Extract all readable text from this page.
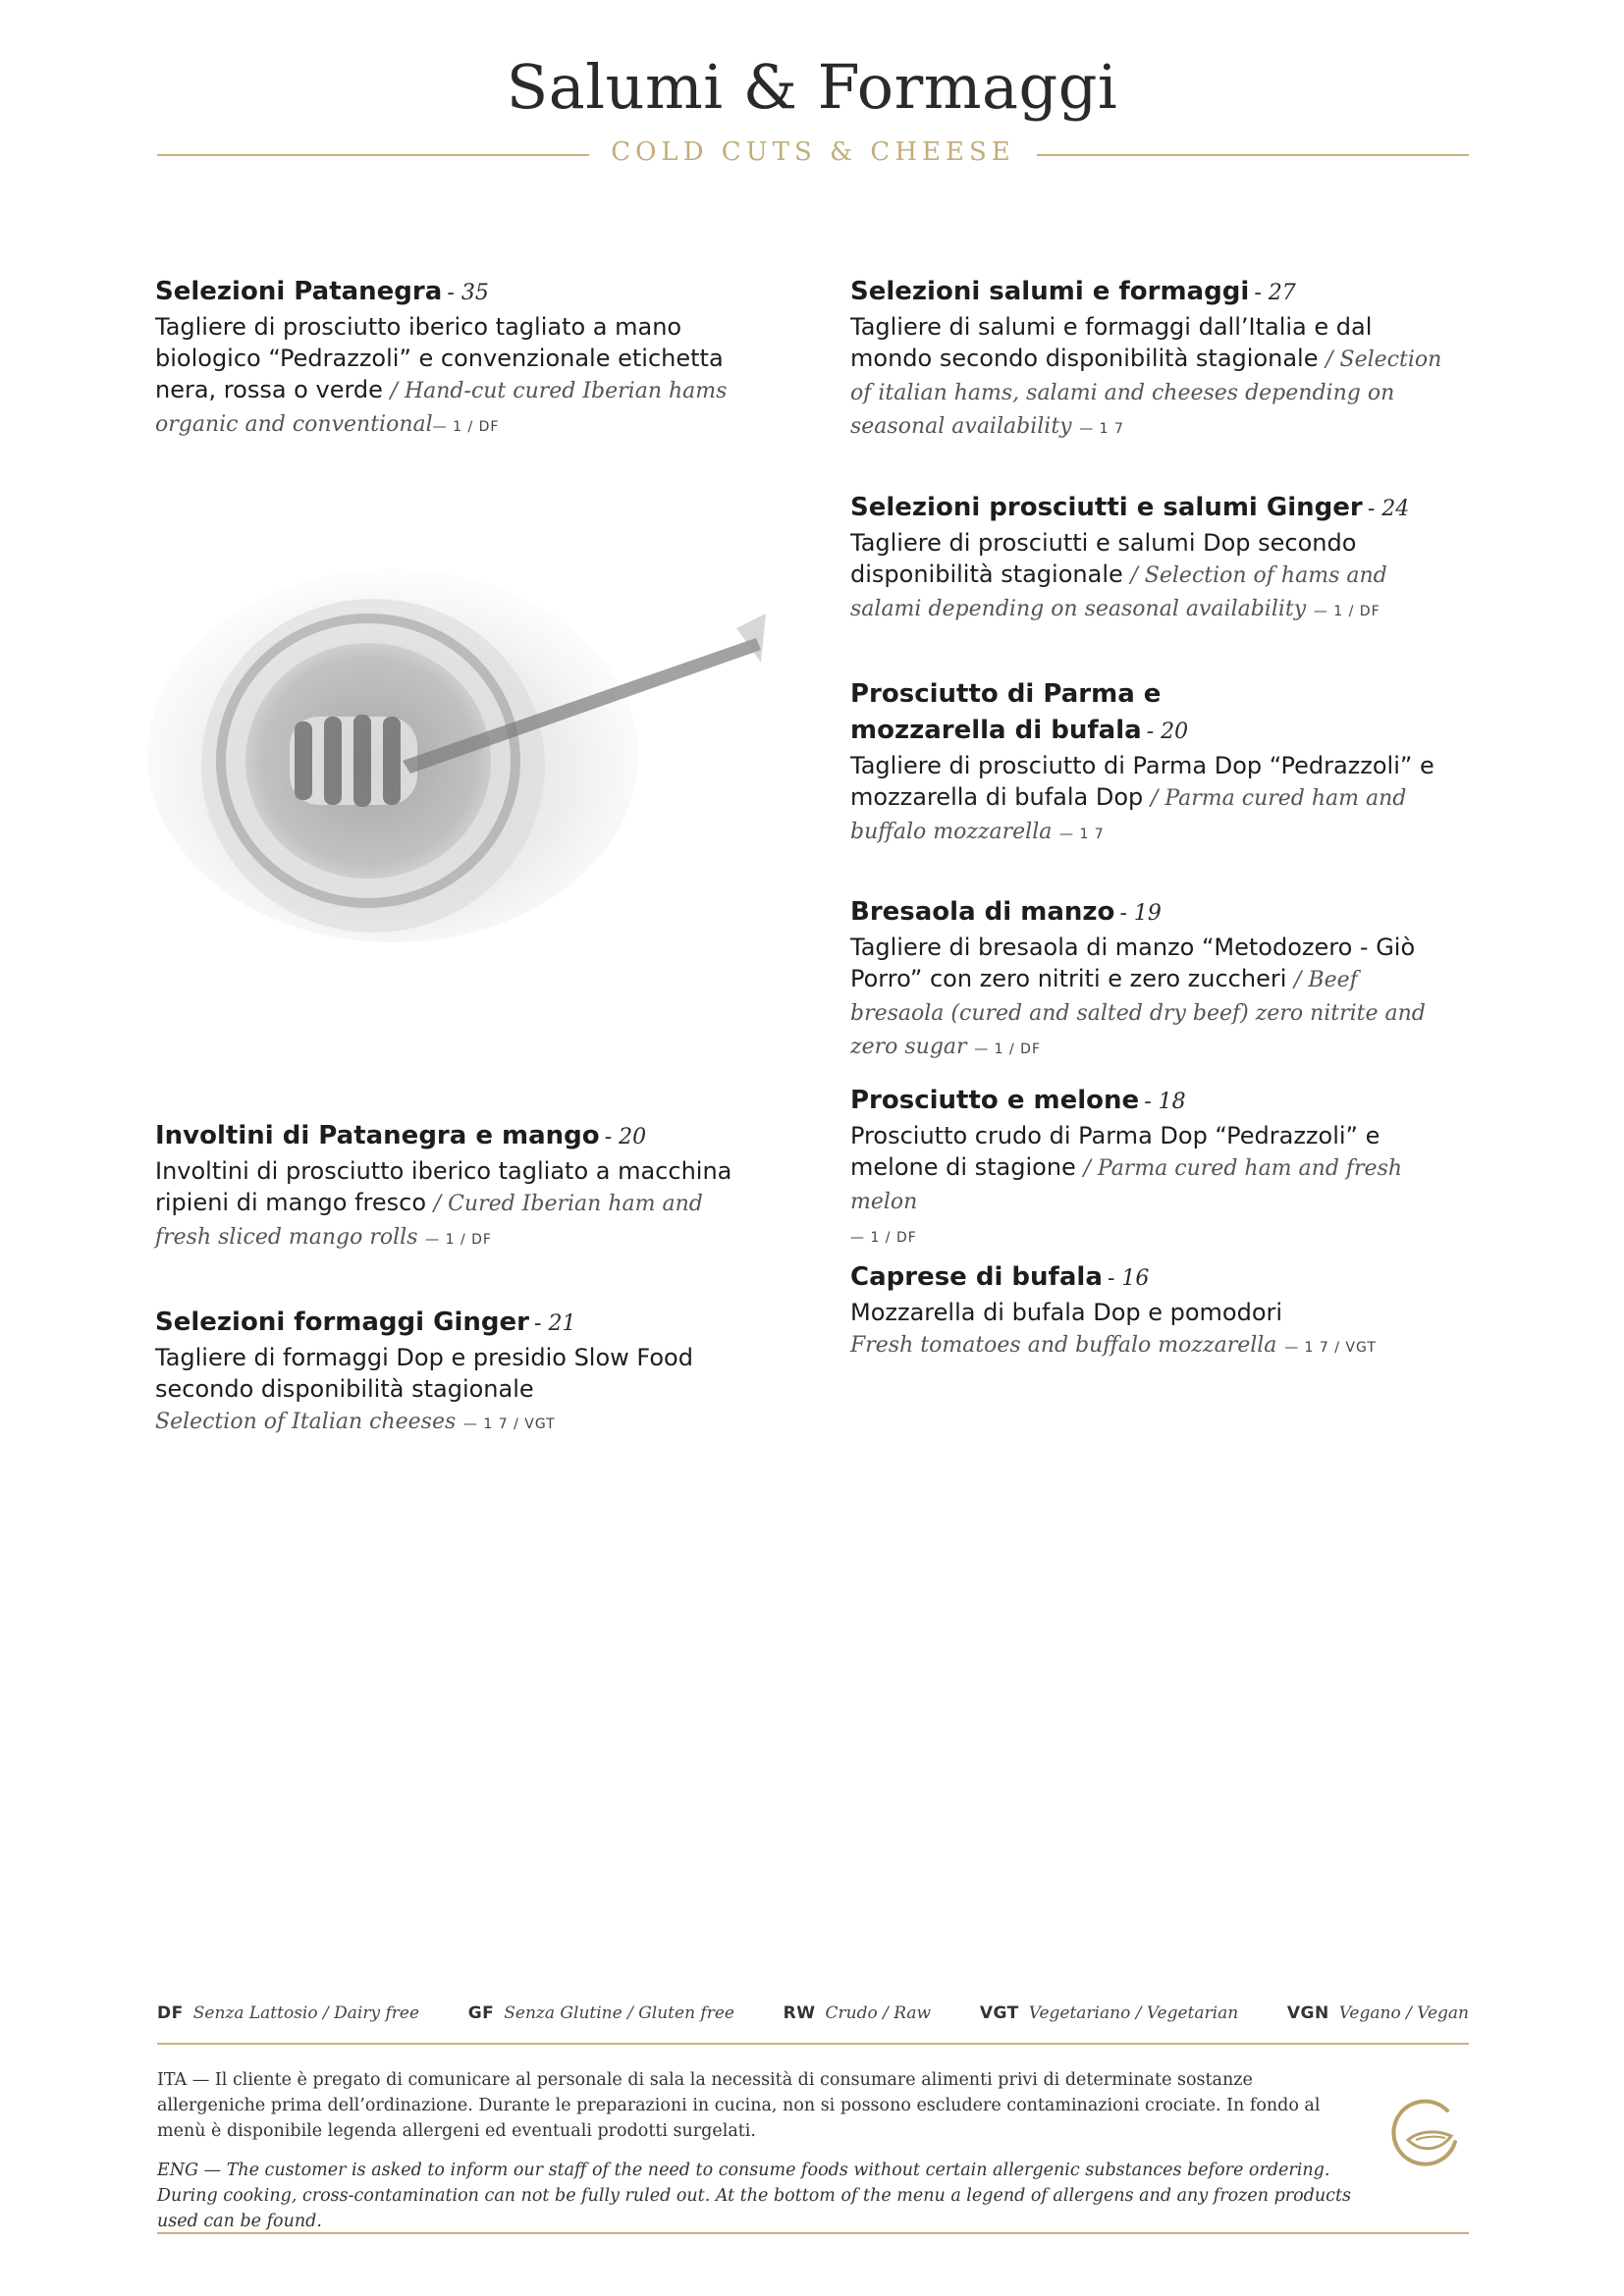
Salumi & Formaggi
COLD CUTS & CHEESE
Selezioni Patanegra - 35
Tagliere di prosciutto iberico tagliato a mano biologico “Pedrazzoli” e convenzionale etichetta nera, rossa o verde / Hand-cut cured Iberian hams organic and conventional— 1 / DF
Involtini di Patanegra e mango - 20
Involtini di prosciutto iberico tagliato a macchina ripieni di mango fresco / Cured Iberian ham and fresh sliced mango rolls — 1 / DF
Selezioni formaggi Ginger - 21
Tagliere di formaggi Dop e presidio Slow Food secondo disponibilità stagionale
Selection of Italian cheeses — 1 7 / VGT
Selezioni salumi e formaggi - 27
Tagliere di salumi e formaggi dall’Italia e dal mondo secondo disponibilità stagionale / Selection of italian hams, salami and cheeses depending on seasonal availability — 1 7
Selezioni prosciutti e salumi Ginger - 24
Tagliere di prosciutti e salumi Dop secondo disponibilità stagionale / Selection of hams and salami depending on seasonal availability — 1 / DF
Prosciutto di Parma e
mozzarella di bufala - 20
Tagliere di prosciutto di Parma Dop “Pedrazzoli” e mozzarella di bufala Dop / Parma cured ham and buffalo mozzarella — 1 7
Bresaola di manzo - 19
Tagliere di bresaola di manzo “Metodozero - Giò Porro” con zero nitriti e zero zuccheri / Beef bresaola (cured and salted dry beef) zero nitrite and zero sugar — 1 / DF
Prosciutto e melone - 18
Prosciutto crudo di Parma Dop “Pedrazzoli” e melone di stagione / Parma cured ham and fresh melon
— 1 / DF
Caprese di bufala - 16
Mozzarella di bufala Dop e pomodori
Fresh tomatoes and buffalo mozzarella — 1 7 / VGT
DF Senza Lattosio / Dairy free	GF Senza Glutine / Gluten free	RW Crudo / Raw	VGT Vegetariano / Vegetarian	VGN Vegano / Vegan
ITA — Il cliente è pregato di comunicare al personale di sala la necessità di consumare alimenti privi di determinate sostanze allergeniche prima dell’ordinazione. Durante le preparazioni in cucina, non si possono escludere contaminazioni crociate. In fondo al menù è disponibile legenda allergeni ed eventuali prodotti surgelati.
ENG — The customer is asked to inform our staff of the need to consume foods without certain allergenic substances before ordering. During cooking, cross-contamination can not be fully ruled out. At the bottom of the menu a legend of allergens and any frozen products used can be found.
